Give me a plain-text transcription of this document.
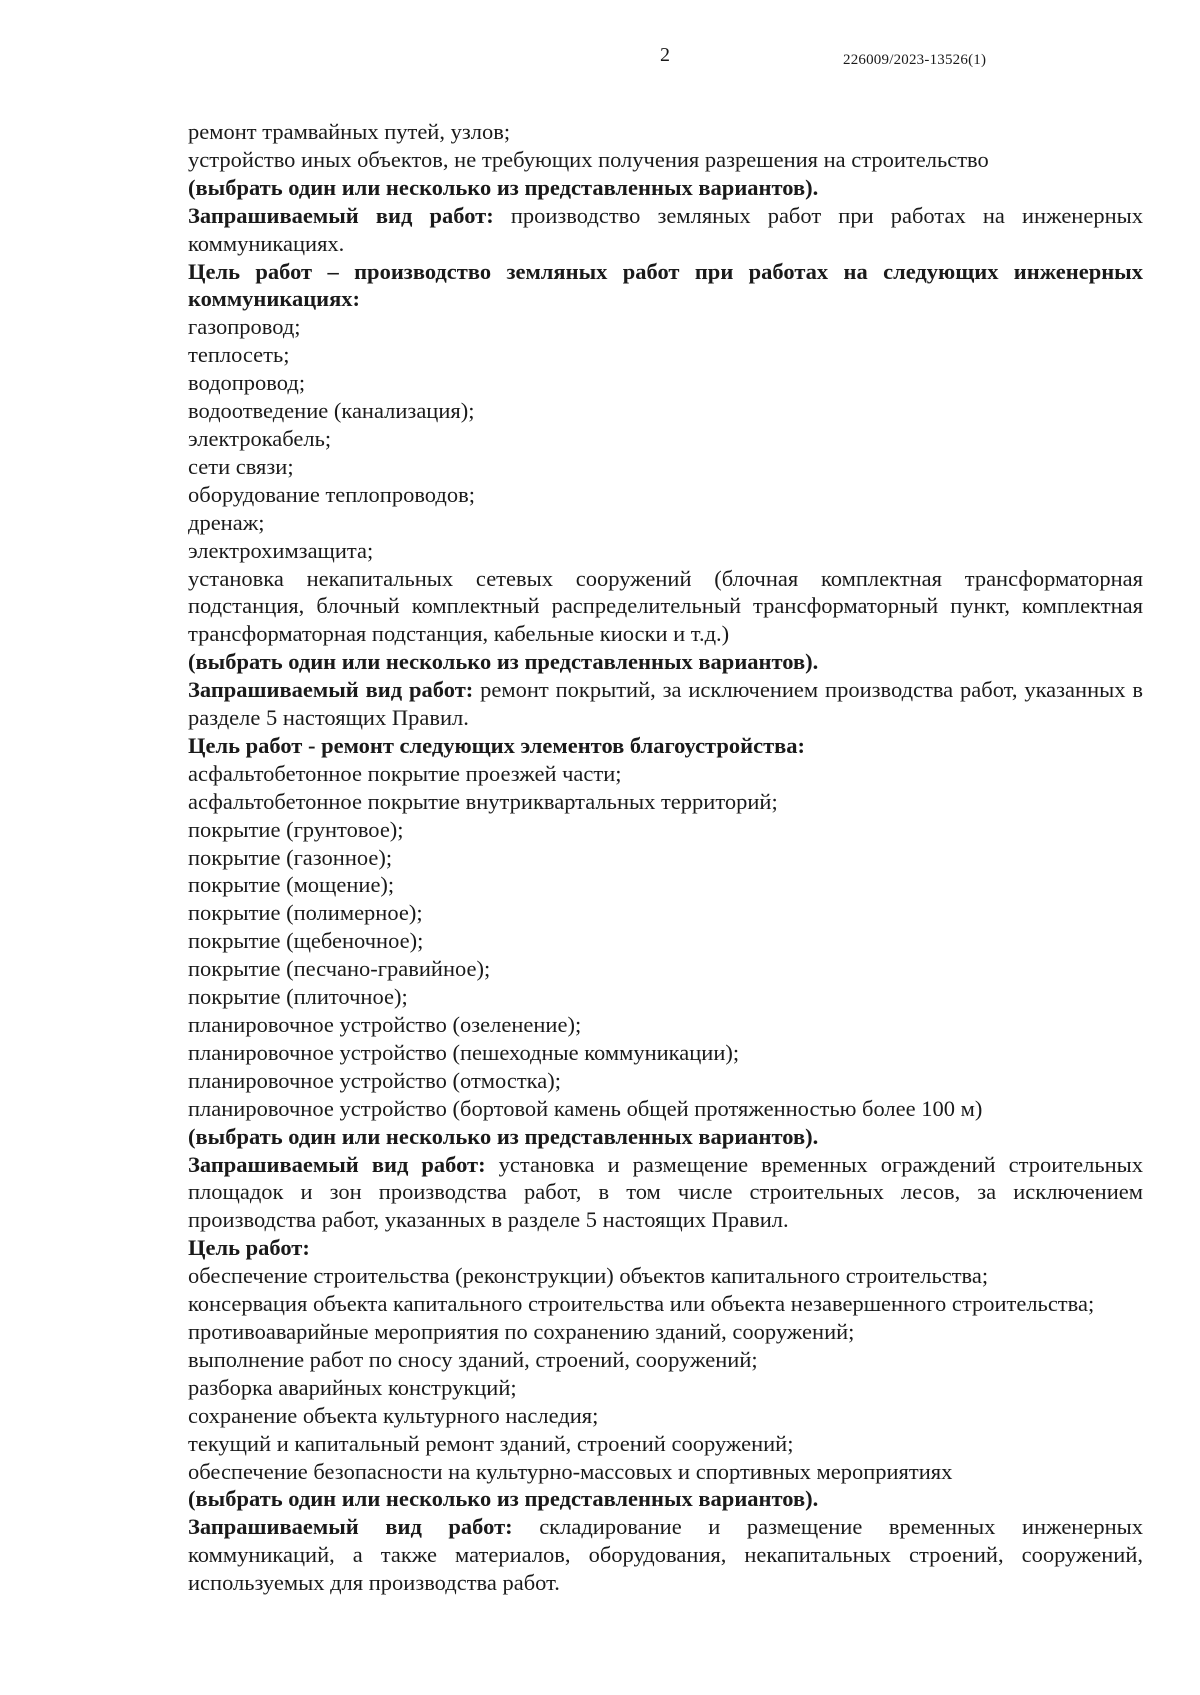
2	226009/2023-13526(1)
ремонт трамвайных путей, узлов;
устройство иных объектов, не требующих получения разрешения на строительство
(выбрать один или несколько из представленных вариантов).
Запрашиваемый вид работ: производство земляных работ при работах на инженерных коммуникациях.
Цель работ – производство земляных работ при работах на следующих инженерных коммуникациях:
газопровод;
теплосеть;
водопровод;
водоотведение (канализация);
электрокабель;
сети связи;
оборудование теплопроводов;
дренаж;
электрохимзащита;
установка некапитальных сетевых сооружений (блочная комплектная трансформаторная подстанция, блочный комплектный распределительный трансформаторный пункт, комплектная трансформаторная подстанция, кабельные киоски и т.д.)
(выбрать один или несколько из представленных вариантов).
Запрашиваемый вид работ: ремонт покрытий, за исключением производства работ, указанных в разделе 5 настоящих Правил.
Цель работ - ремонт следующих элементов благоустройства:
асфальтобетонное покрытие проезжей части;
асфальтобетонное покрытие внутриквартальных территорий;
покрытие (грунтовое);
покрытие (газонное);
покрытие (мощение);
покрытие (полимерное);
покрытие (щебеночное);
покрытие (песчано-гравийное);
покрытие (плиточное);
планировочное устройство (озеленение);
планировочное устройство (пешеходные коммуникации);
планировочное устройство (отмостка);
планировочное устройство (бортовой камень общей протяженностью более 100 м)
(выбрать один или несколько из представленных вариантов).
Запрашиваемый вид работ: установка и размещение временных ограждений строительных площадок и зон производства работ, в том числе строительных лесов, за исключением производства работ, указанных в разделе 5 настоящих Правил.
Цель работ:
обеспечение строительства (реконструкции) объектов капитального строительства;
консервация объекта капитального строительства или объекта незавершенного строительства;
противоаварийные мероприятия по сохранению зданий, сооружений;
выполнение работ по сносу зданий, строений, сооружений;
разборка аварийных конструкций;
сохранение объекта культурного наследия;
текущий и капитальный ремонт зданий, строений сооружений;
обеспечение безопасности на культурно-массовых и спортивных мероприятиях
(выбрать один или несколько из представленных вариантов).
Запрашиваемый вид работ: складирование и размещение временных инженерных коммуникаций, а также материалов, оборудования, некапитальных строений, сооружений, используемых для производства работ.
